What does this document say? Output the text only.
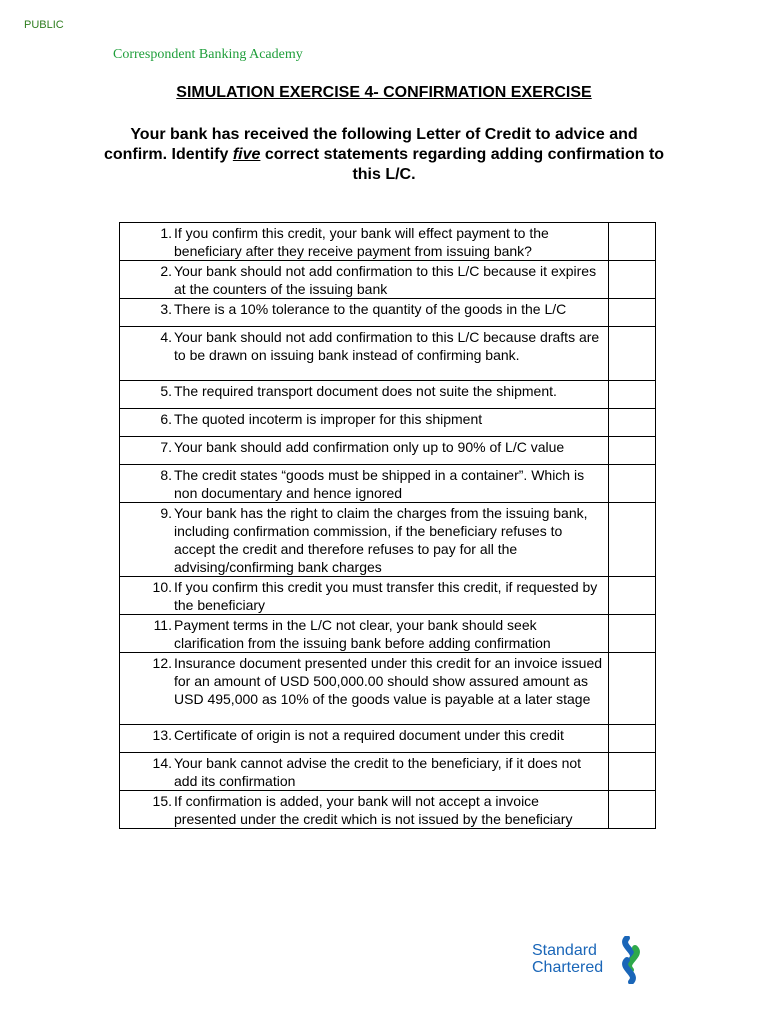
PUBLIC
Correspondent Banking Academy
SIMULATION EXERCISE 4- CONFIRMATION EXERCISE
Your bank has received the following Letter of Credit to advice and confirm. Identify five correct statements regarding adding confirmation to this L/C.
1. If you confirm this credit, your bank will effect payment to the beneficiary after they receive payment from issuing bank?	

2. Your bank should not add confirmation to this L/C because it expires at the counters of the issuing bank	

3. There is a 10% tolerance to the quantity of the goods in the L/C	

4. Your bank should not add confirmation to this L/C because drafts are to be drawn on issuing bank instead of confirming bank.	

5. The required transport document does not suite the shipment.	

6. The quoted incoterm is improper for this shipment	

7. Your bank should add confirmation only up to 90% of L/C value	

8. The credit states “goods must be shipped in a container”. Which is non documentary and hence ignored	

9. Your bank has the right to claim the charges from the issuing bank, including confirmation commission, if the beneficiary refuses to accept the credit and therefore refuses to pay for all the advising/confirming bank charges	

10. If you confirm this credit you must transfer this credit, if requested by the beneficiary	

11. Payment terms in the L/C not clear, your bank should seek clarification from the issuing bank before adding confirmation	

12. Insurance document presented under this credit for an invoice issued for an amount of USD 500,000.00 should show assured amount as USD 495,000 as 10% of the goods value is payable at a later stage	

13. Certificate of origin is not a required document under this credit	

14. Your bank cannot advise the credit to the beneficiary, if it does not add its confirmation	

15. If confirmation is added, your bank will not accept a invoice presented under the credit which is not issued by the beneficiary	

Standard
Chartered
